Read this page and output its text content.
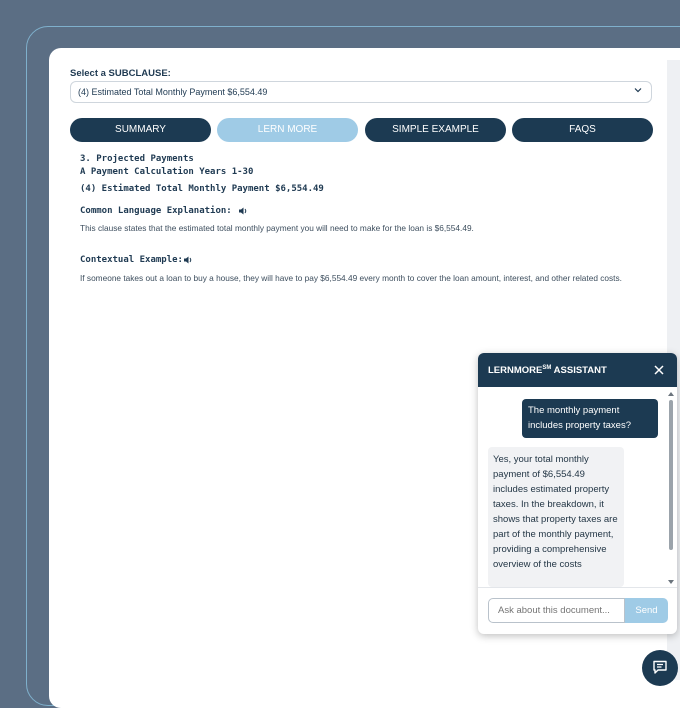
Select a SUBCLAUSE:
(4) Estimated Total Monthly Payment $6,554.49
SUMMARY	LERN MORE	SIMPLE EXAMPLE	FAQS
3. Projected Payments
A Payment Calculation Years 1-30
(4) Estimated Total Monthly Payment $6,554.49
Common Language Explanation:
This clause states that the estimated total monthly payment you will need to make for the loan is $6,554.49.
Contextual Example:
If someone takes out a loan to buy a house, they will have to pay $6,554.49 every month to cover the loan amount, interest, and other related costs.
LERNMORE℠ ASSISTANT
The monthly payment includes property taxes?
Yes, your total monthly payment of $6,554.49 includes estimated property taxes. In the breakdown, it shows that property taxes are part of the monthly payment, providing a comprehensive overview of the costs
Ask about this document...
Send
